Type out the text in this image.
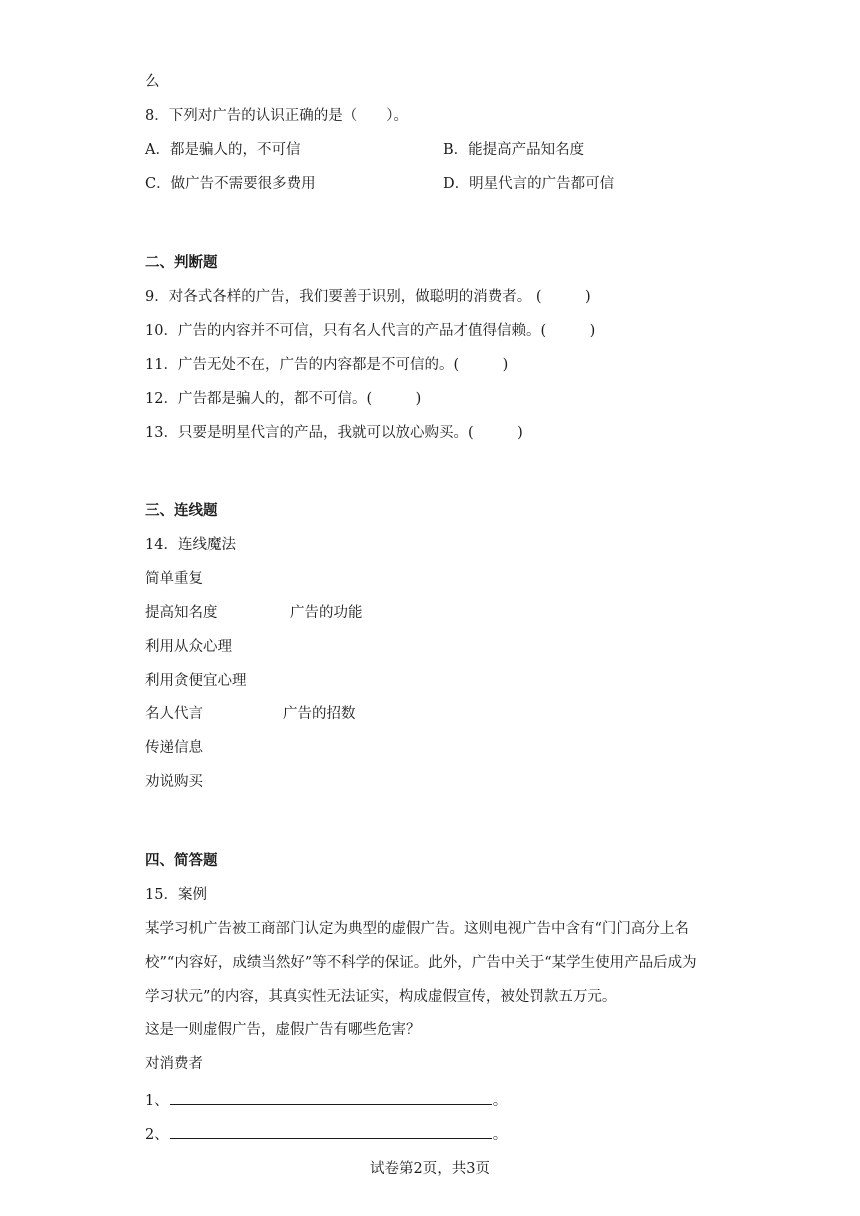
么
8．下列对广告的认识正确的是（　　）。
A．都是骗人的，不可信	B．能提高产品知名度
C．做广告不需要很多费用	D．明星代言的广告都可信
二、判断题
9．对各式各样的广告，我们要善于识别，做聪明的消费者。 (　　　)
10．广告的内容并不可信，只有名人代言的产品才值得信赖。(　　　)
11．广告无处不在，广告的内容都是不可信的。(　　　)
12．广告都是骗人的，都不可信。(　　　)
13．只要是明星代言的产品，我就可以放心购买。(　　　)
三、连线题
14．连线魔法
简单重复
提高知名度	广告的功能
利用从众心理
利用贪便宜心理
名人代言	广告的招数
传递信息
劝说购买
四、简答题
15．案例
某学习机广告被工商部门认定为典型的虚假广告。这则电视广告中含有“门门高分上名
校”“内容好，成绩当然好”等不科学的保证。此外，广告中关于“某学生使用产品后成为
学习状元”的内容，其真实性无法证实，构成虚假宣传，被处罚款五万元。
这是一则虚假广告，虚假广告有哪些危害？
对消费者
1、	。
2、	。
试卷第2页，共3页
